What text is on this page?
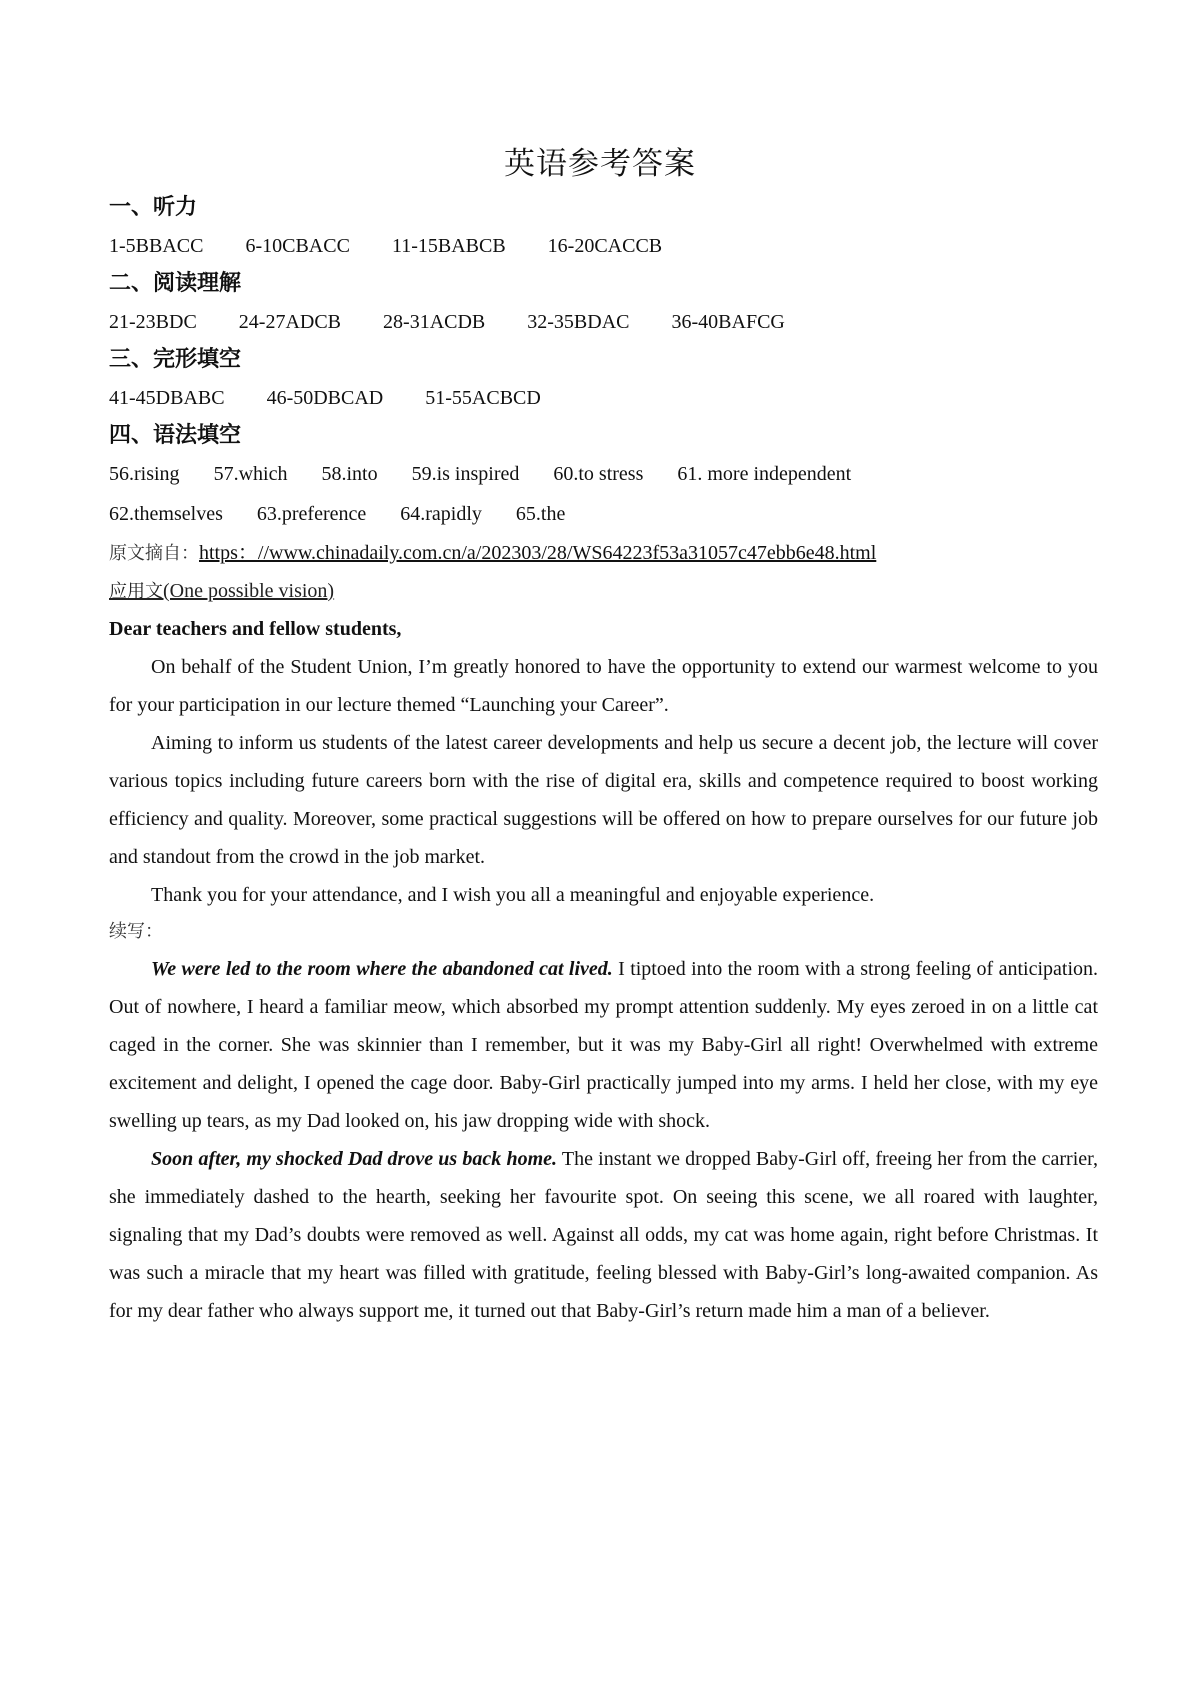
英语参考答案
一、听力
1-5BBACC 6-10CBACC 11-15BABCB 16-20CACCB
二、阅读理解
21-23BDC 24-27ADCB 28-31ACDB 32-35BDAC 36-40BAFCG
三、完形填空
41-45DBABC 46-50DBCAD 51-55ACBCD
四、语法填空
56.rising 57.which 58.into 59.is inspired 60.to stress 61. more independent
62.themselves 63.preference 64.rapidly 65.the
原文摘自：https：//www.chinadaily.com.cn/a/202303/28/WS64223f53a31057c47ebb6e48.html
应用文(One possible vision)
Dear teachers and fellow students,

On behalf of the Student Union, I’m greatly honored to have the opportunity to extend our warmest welcome to you for your participation in our lecture themed “Launching your Career”.

Aiming to inform us students of the latest career developments and help us secure a decent job, the lecture will cover various topics including future careers born with the rise of digital era, skills and competence required to boost working efficiency and quality. Moreover, some practical suggestions will be offered on how to prepare ourselves for our future job and standout from the crowd in the job market.

Thank you for your attendance, and I wish you all a meaningful and enjoyable experience.

续写：

We were led to the room where the abandoned cat lived. I tiptoed into the room with a strong feeling of anticipation. Out of nowhere, I heard a familiar meow, which absorbed my prompt attention suddenly. My eyes zeroed in on a little cat caged in the corner. She was skinnier than I remember, but it was my Baby-Girl all right! Overwhelmed with extreme excitement and delight, I opened the cage door. Baby-Girl practically jumped into my arms. I held her close, with my eye swelling up tears, as my Dad looked on, his jaw dropping wide with shock.

Soon after, my shocked Dad drove us back home. The instant we dropped Baby-Girl off, freeing her from the carrier, she immediately dashed to the hearth, seeking her favourite spot. On seeing this scene, we all roared with laughter, signaling that my Dad’s doubts were removed as well. Against all odds, my cat was home again, right before Christmas. It was such a miracle that my heart was filled with gratitude, feeling blessed with Baby-Girl’s long-awaited companion. As for my dear father who always support me, it turned out that Baby-Girl’s return made him a man of a believer.
